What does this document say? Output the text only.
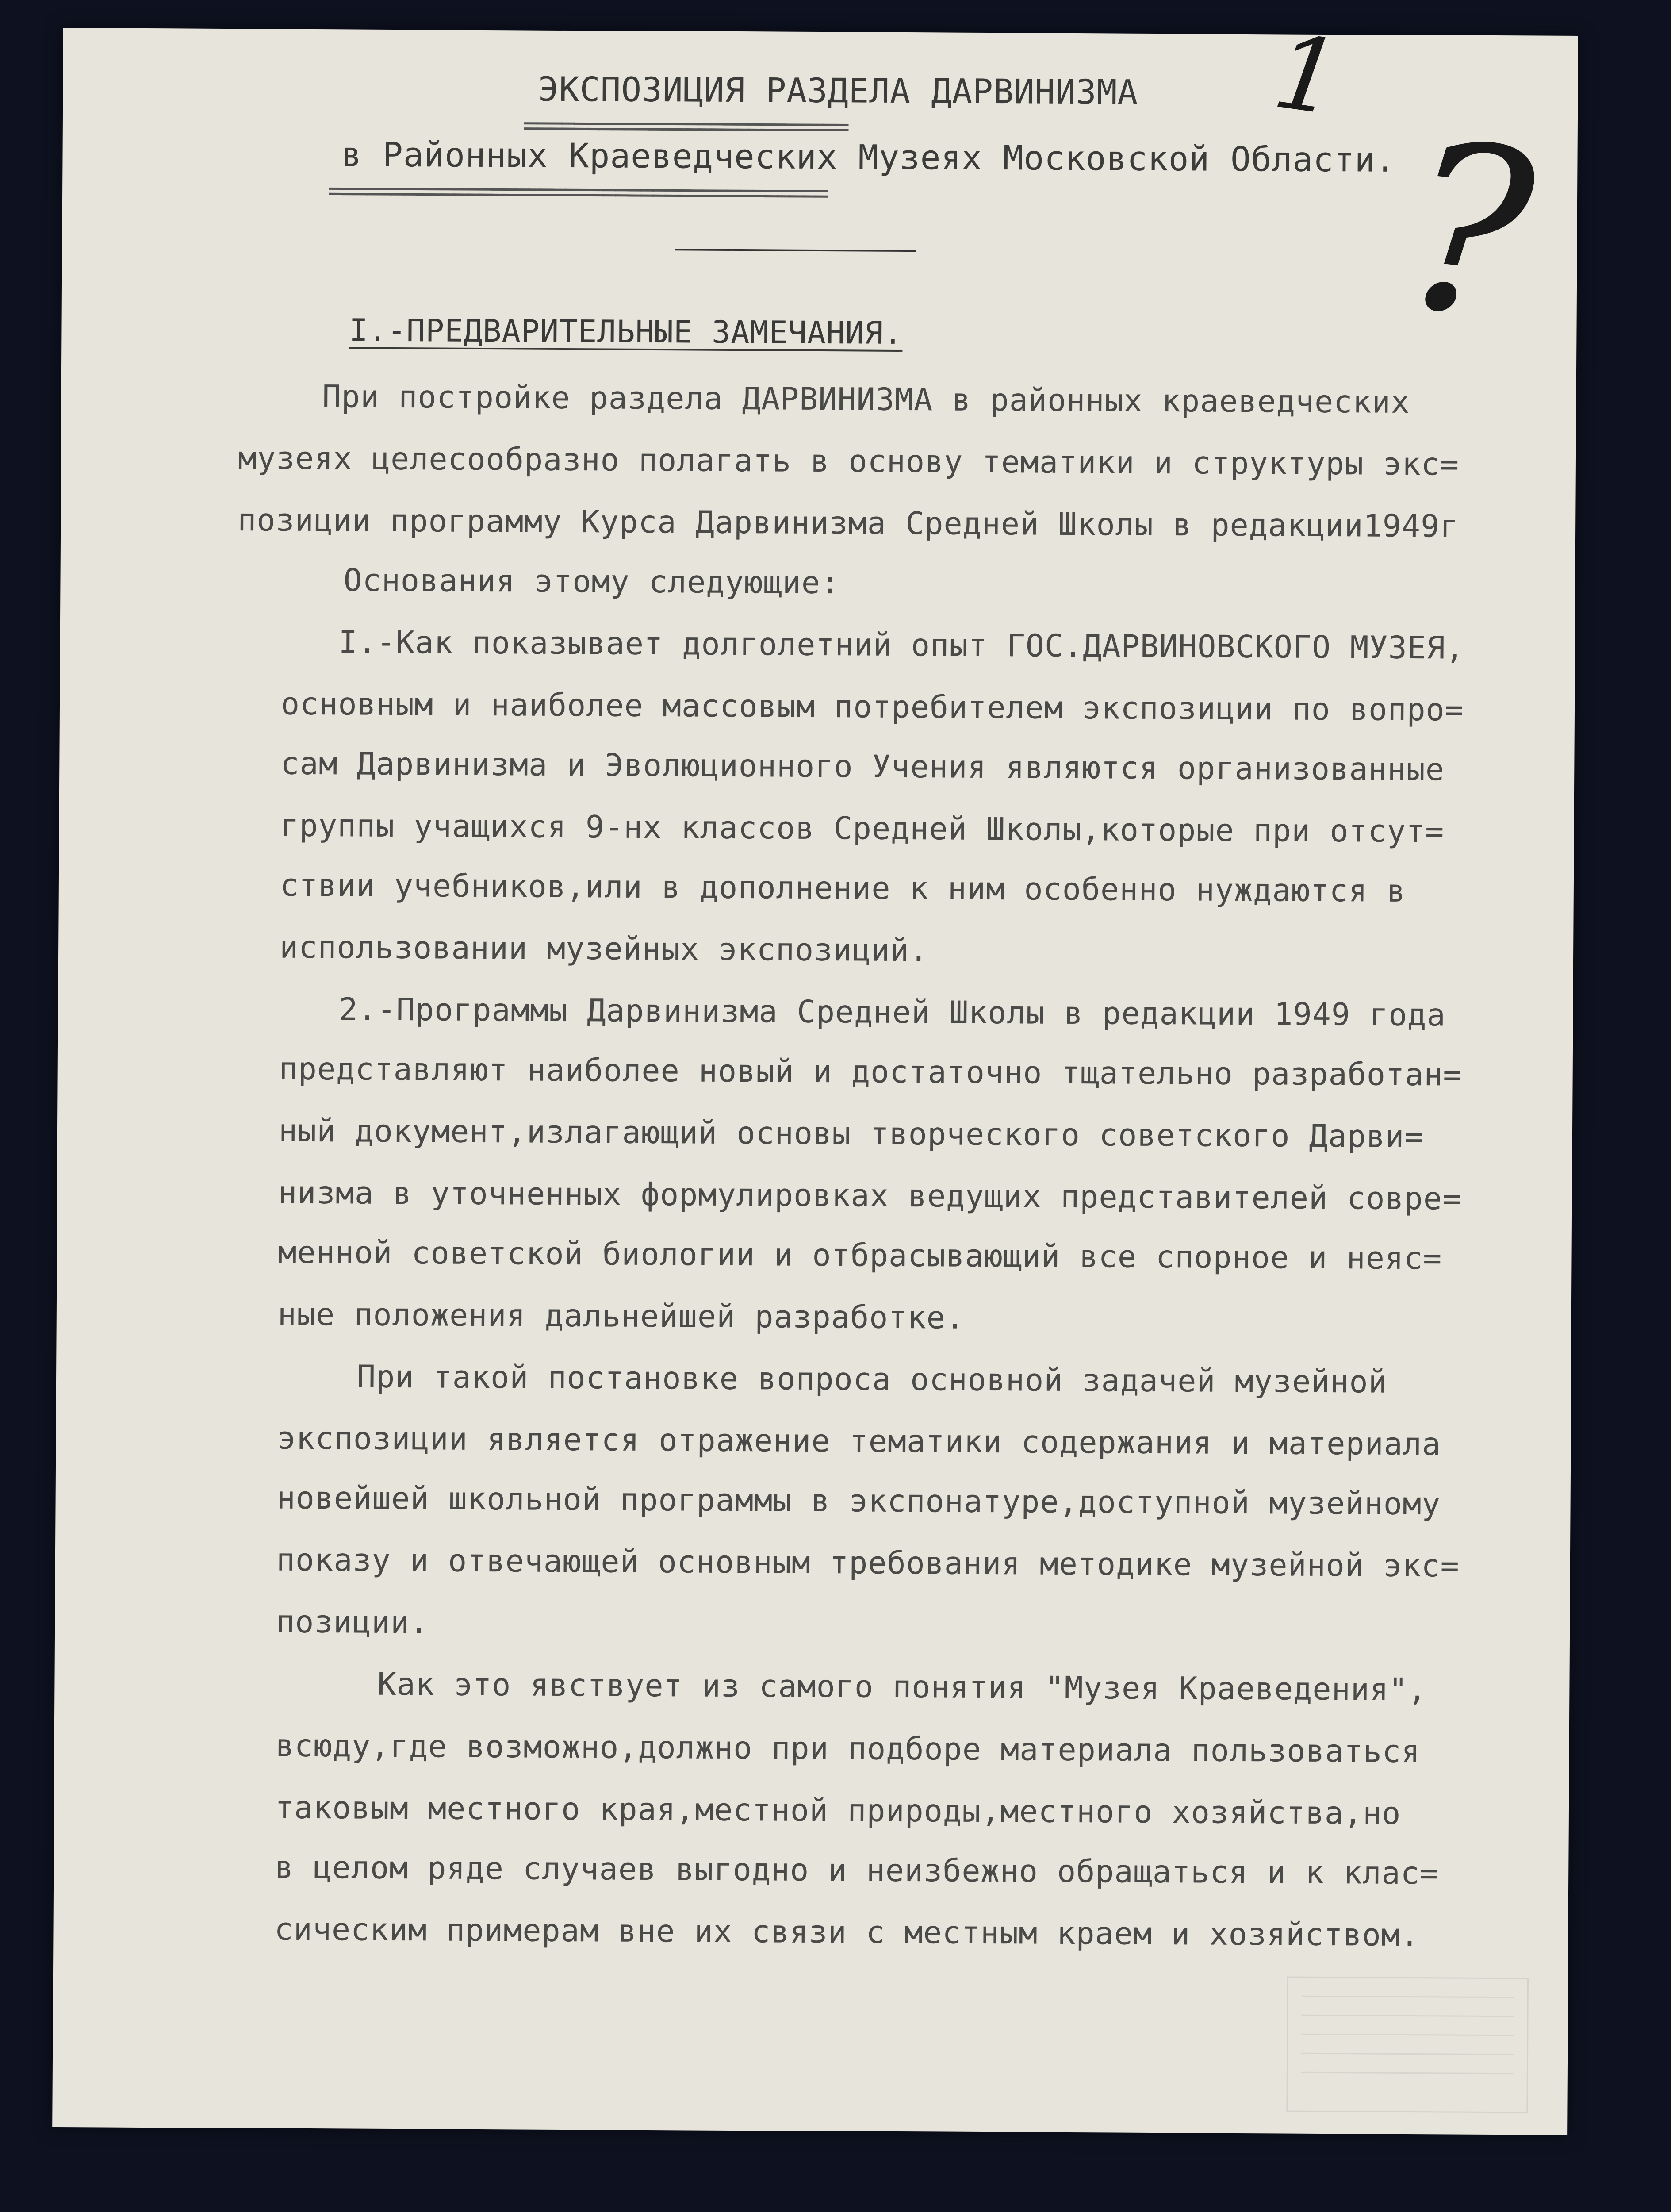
1
?

ЭКСПОЗИЦИЯ РАЗДЕЛА ДАРВИНИЗМА

==========================

в Районных Краеведческих Музеях Московской Области.

========================================

I.-ПРЕДВАРИТЕЛЬНЫЕ ЗАМЕЧАНИЯ.

При постройке раздела ДАРВИНИЗМА в районных краеведческих

музеях целесообразно полагать в основу тематики и структуры экс=

позиции программу Курса Дарвинизма Средней Школы в редакции1949г

Основания этому следующие:

I.-Как показывает долголетний опыт ГОС.ДАРВИНОВСКОГО МУЗЕЯ,

основным и наиболее массовым потребителем экспозиции по вопро=

сам Дарвинизма и Эволюционного Учения являются организованные

группы учащихся 9-нх классов Средней Школы,которые при отсут=

ствии учебников,или в дополнение к ним особенно нуждаются в

использовании музейных экспозиций.

2.-Программы Дарвинизма Средней Школы в редакции 1949 года

представляют наиболее новый и достаточно тщательно разработан=

ный документ,излагающий основы творческого советского Дарви=

низма в уточненных формулировках ведущих представителей совре=

менной советской биологии и отбрасывающий все спорное и неяс=

ные положения дальнейшей разработке.

При такой постановке вопроса основной задачей музейной

экспозиции является отражение тематики содержания и материала

новейшей школьной программы в экспонатуре,доступной музейному

показу и отвечающей основным требования методике музейной экс=

позиции.

Как это явствует из самого понятия "Музея Краеведения",

всюду,где возможно,должно при подборе материала пользоваться

таковым местного края,местной природы,местного хозяйства,но

в целом ряде случаев выгодно и неизбежно обращаться и к клас=

сическим примерам вне их связи с местным краем и хозяйством.
